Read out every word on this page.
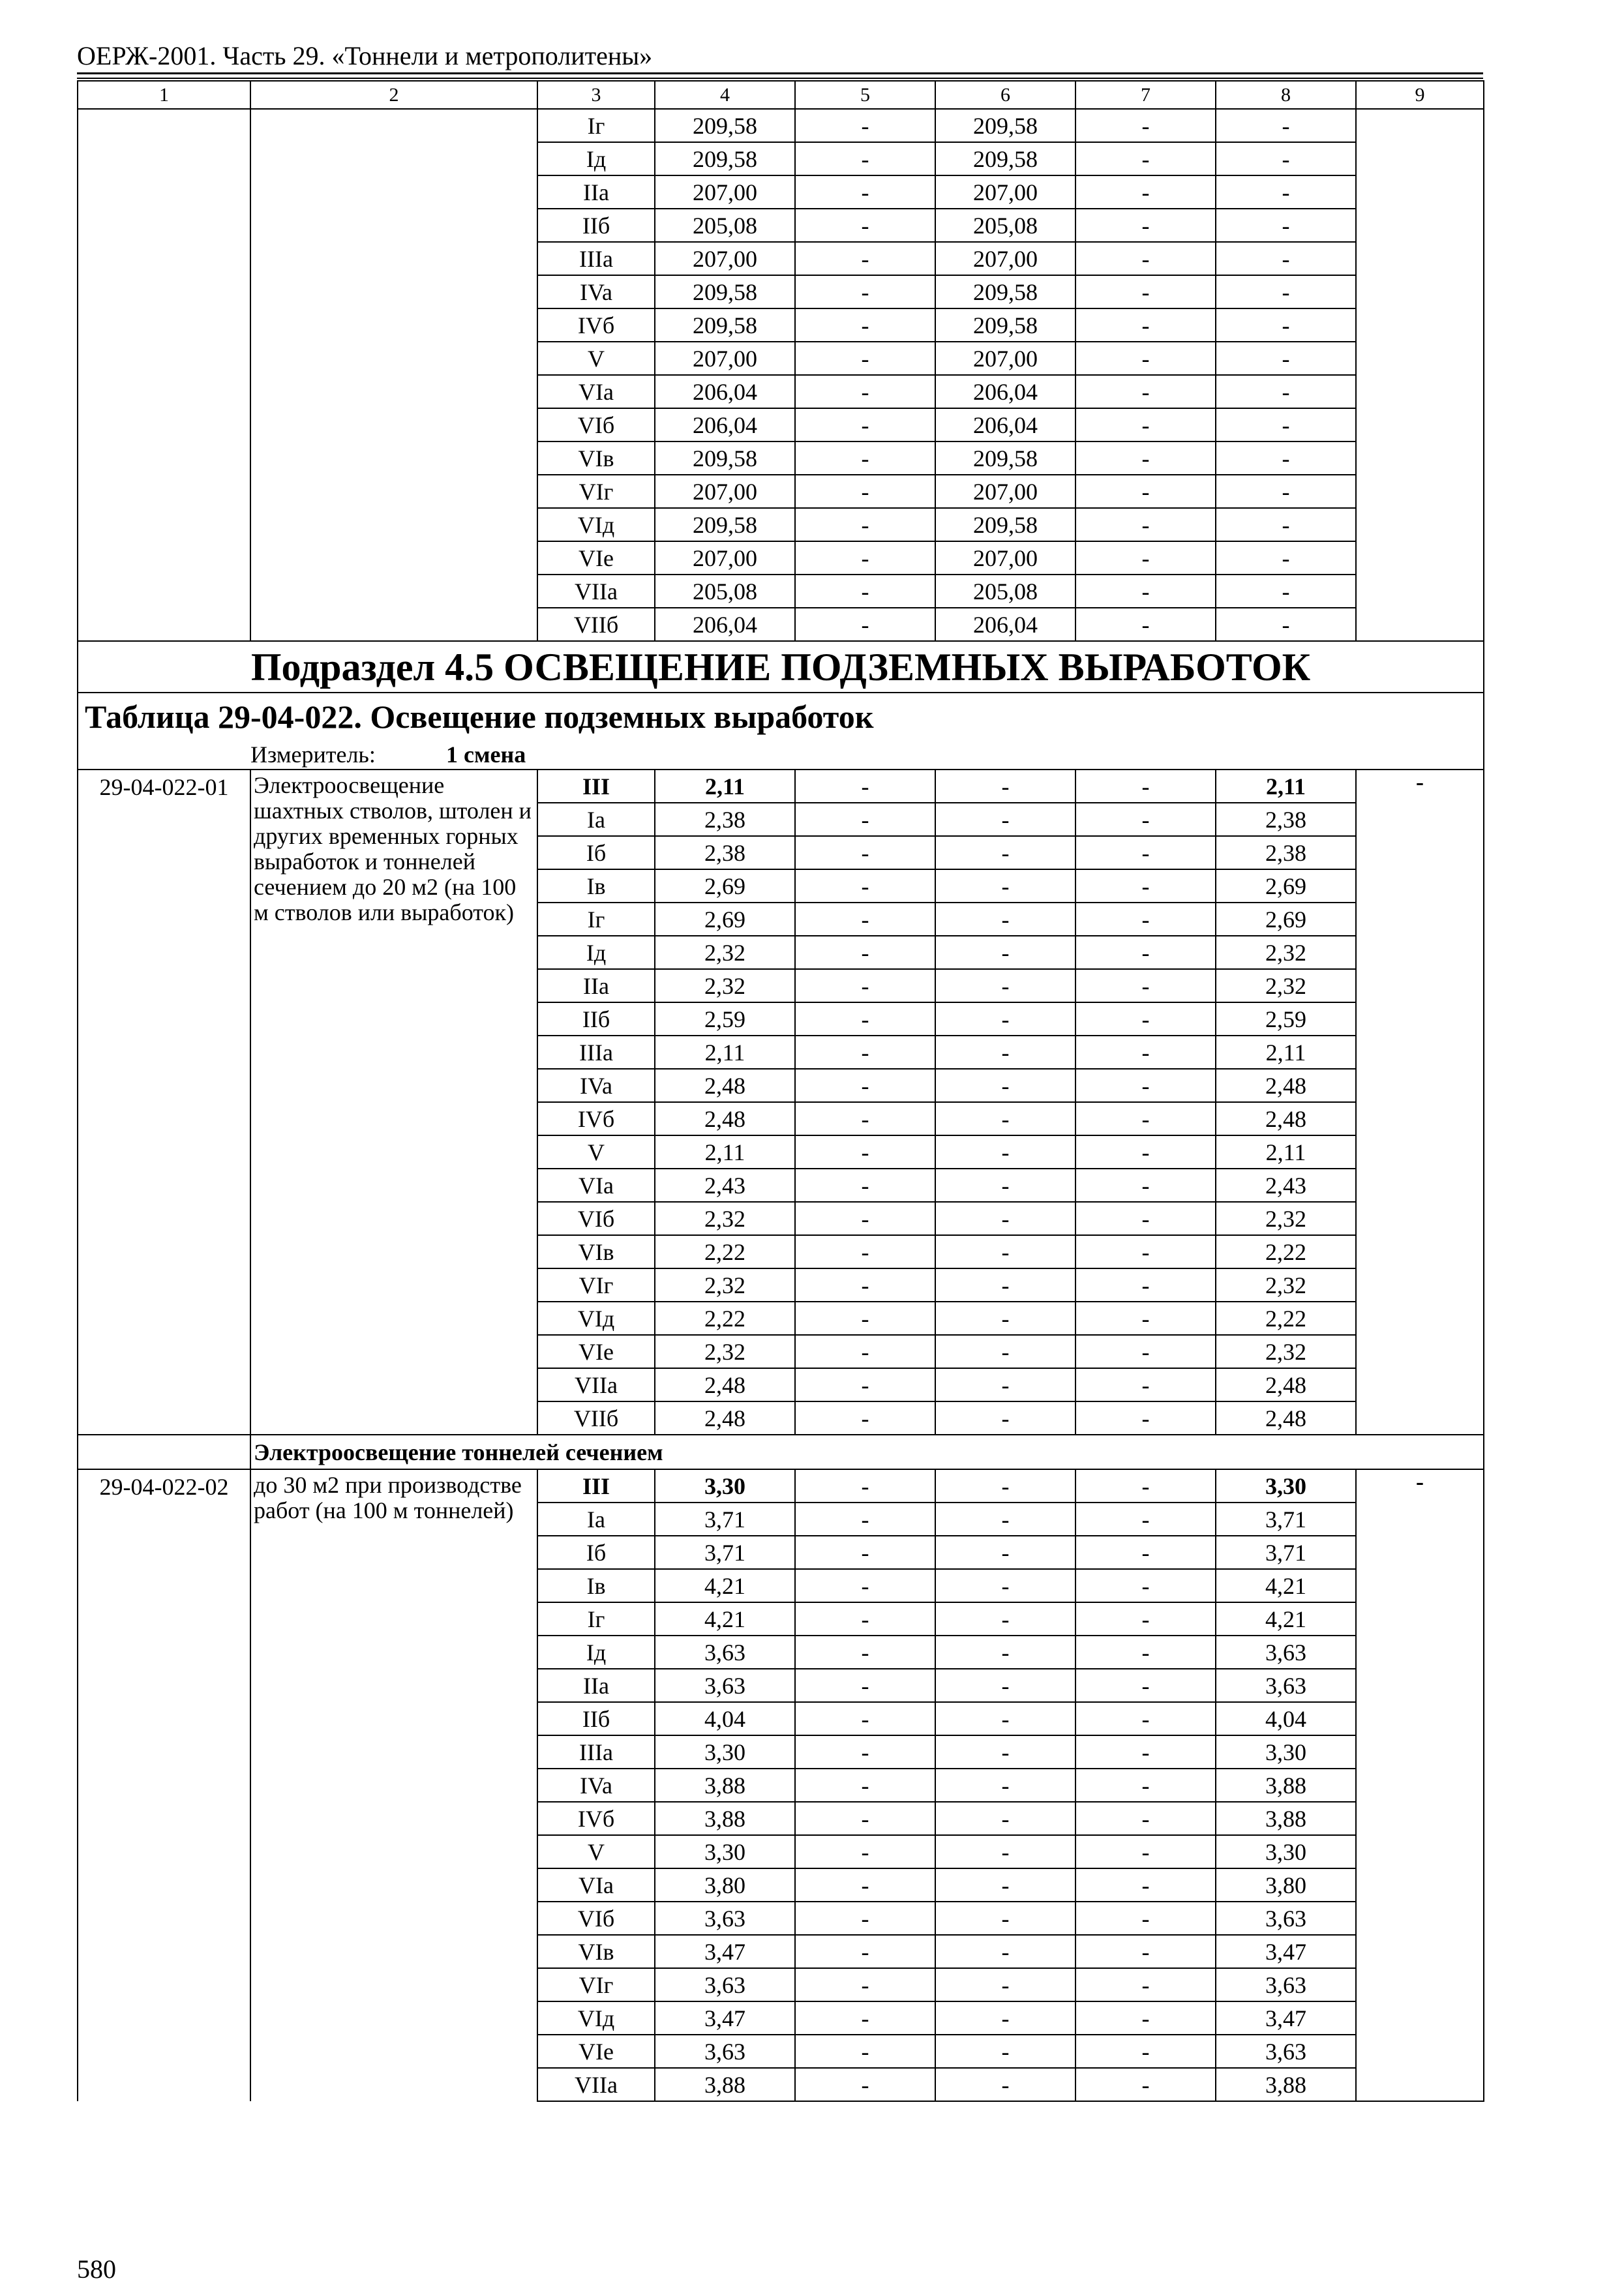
ОЕРЖ-2001. Часть 29. «Тоннели и метрополитены»
1	2	3	4	5	6	7	8	9
		Iг	209,58	-	209,58	-	-	
		Iд	209,58	-	209,58	-	-	
		IIa	207,00	-	207,00	-	-	
		IIб	205,08	-	205,08	-	-	
		IIIa	207,00	-	207,00	-	-	
		IVa	209,58	-	209,58	-	-	
		IVб	209,58	-	209,58	-	-	
		V	207,00	-	207,00	-	-	
		VIa	206,04	-	206,04	-	-	
		VIб	206,04	-	206,04	-	-	
		VIв	209,58	-	209,58	-	-	
		VIг	207,00	-	207,00	-	-	
		VIд	209,58	-	209,58	-	-	
		VIe	207,00	-	207,00	-	-	
		VIIa	205,08	-	205,08	-	-	
		VIIб	206,04	-	206,04	-	-	
Подраздел 4.5 ОСВЕЩЕНИЕ ПОДЗЕМНЫХ ВЫРАБОТОК								
Таблица 29-04-022. Освещение подземных выработок								
Измеритель: 1 смена								
29-04-022-01	Электроосвещение шахтных стволов, штолен и других временных горных выработок и тоннелей сечением до 20 м2 (на 100 м стволов или выработок)	III	2,11	-	-	-	2,11	-
		Ia	2,38	-	-	-	2,38	
		Iб	2,38	-	-	-	2,38	
		Iв	2,69	-	-	-	2,69	
		Iг	2,69	-	-	-	2,69	
		Iд	2,32	-	-	-	2,32	
		IIa	2,32	-	-	-	2,32	
		IIб	2,59	-	-	-	2,59	
		IIIa	2,11	-	-	-	2,11	
		IVa	2,48	-	-	-	2,48	
		IVб	2,48	-	-	-	2,48	
		V	2,11	-	-	-	2,11	
		VIa	2,43	-	-	-	2,43	
		VIб	2,32	-	-	-	2,32	
		VIв	2,22	-	-	-	2,22	
		VIг	2,32	-	-	-	2,32	
		VIд	2,22	-	-	-	2,22	
		VIe	2,32	-	-	-	2,32	
		VIIa	2,48	-	-	-	2,48	
		VIIб	2,48	-	-	-	2,48	
	Электроосвещение тоннелей сечением							
29-04-022-02	до 30 м2 при производстве работ (на 100 м тоннелей)	III	3,30	-	-	-	3,30	-
		Ia	3,71	-	-	-	3,71	
		Iб	3,71	-	-	-	3,71	
		Iв	4,21	-	-	-	4,21	
		Iг	4,21	-	-	-	4,21	
		Iд	3,63	-	-	-	3,63	
		IIa	3,63	-	-	-	3,63	
		IIб	4,04	-	-	-	4,04	
		IIIa	3,30	-	-	-	3,30	
		IVa	3,88	-	-	-	3,88	
		IVб	3,88	-	-	-	3,88	
		V	3,30	-	-	-	3,30	
		VIa	3,80	-	-	-	3,80	
		VIб	3,63	-	-	-	3,63	
		VIв	3,47	-	-	-	3,47	
		VIг	3,63	-	-	-	3,63	
		VIд	3,47	-	-	-	3,47	
		VIe	3,63	-	-	-	3,63	
		VIIa	3,88	-	-	-	3,88	
580
